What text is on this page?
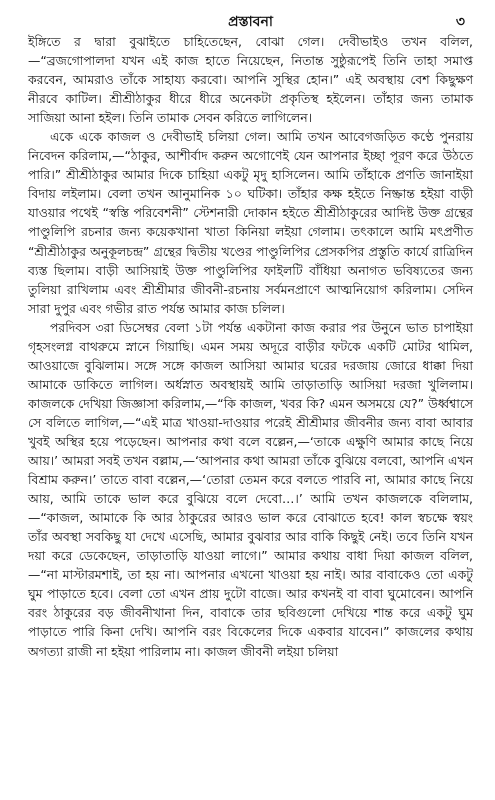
প্রস্তাবনা	৩

ইঙ্গিতে র দ্বারা বুঝাইতে চাহিতেছেন, বোঝা গেল। দেবীভাইও তখন বলিল,—“ব্রজগোপালদা যখন এই কাজ হাতে নিয়েছেন, নিতান্ত সুষ্ঠুরূপেই তিনি তাহা সমাপ্ত করবেন, আমরাও তাঁকে সাহায্য করবো। আপনি সুস্থির হোন।” এই অবস্থায় বেশ কিছুক্ষণ নীরবে কাটিল। শ্রীশ্রীঠাকুর ধীরে ধীরে অনেকটা প্রকৃতিস্থ হইলেন। তাঁহার জন্য তামাক সাজিয়া আনা হইল। তিনি তামাক সেবন করিতে লাগিলেন।

একে একে কাজল ও দেবীভাই চলিয়া গেল। আমি তখন আবেগজড়িত কণ্ঠে পুনরায় নিবেদন করিলাম,—“ঠাকুর, আশীর্বাদ করুন অগোণেই যেন আপনার ইচ্ছা পূরণ করে উঠতে পারি।” শ্রীশ্রীঠাকুর আমার দিকে চাহিয়া একটু মৃদু হাসিলেন। আমি তাঁহাকে প্রণতি জানাইয়া বিদায় লইলাম। বেলা তখন আনুমানিক ১০ ঘটিকা। তাঁহার কক্ষ হইতে নিষ্ক্রান্ত হইয়া বাড়ী যাওয়ার পথেই “স্বস্তি পরিবেশনী” স্টেশনারী দোকান হইতে শ্রীশ্রীঠাকুরের আদিষ্ট উক্ত গ্রন্থের পাণ্ডুলিপি রচনার জন্য কয়েকখানা খাতা কিনিয়া লইয়া গেলাম। তৎকালে আমি মৎপ্রণীত “শ্রীশ্রীঠাকুর অনুকূলচন্দ্র” গ্রন্থের দ্বিতীয় খণ্ডের পাণ্ডুলিপির প্রেসকপির প্রস্তুতি কার্যে রাত্রিদিন ব্যস্ত ছিলাম। বাড়ী আসিয়াই উক্ত পাণ্ডুলিপির ফাইলটি বাঁধিয়া অনাগত ভবিষ্যতের জন্য তুলিয়া রাখিলাম এবং শ্রীশ্রীমার জীবনী-রচনায় সর্বমনপ্রাণে আত্মনিয়োগ করিলাম। সেদিন সারা দুপুর এবং গভীর রাত পর্যন্ত আমার কাজ চলিল।

পরদিবস ৩রা ডিসেম্বর বেলা ১টা পর্যন্ত একটানা কাজ করার পর উনুনে ভাত চাপাইয়া গৃহসংলগ্ন বাথরুমে স্নানে গিয়াছি। এমন সময় অদূরে বাড়ীর ফটকে একটি মোটর থামিল, আওয়াজে বুঝিলাম। সঙ্গে সঙ্গে কাজল আসিয়া আমার ঘরের দরজায় জোরে ধাক্কা দিয়া আমাকে ডাকিতে লাগিল। অর্ধস্নাত অবস্থায়ই আমি তাড়াতাড়ি আসিয়া দরজা খুলিলাম। কাজলকে দেখিয়া জিজ্ঞাসা করিলাম,—“কি কাজল, খবর কি? এমন অসময়ে যে?” উর্ধ্বশ্বাসে সে বলিতে লাগিল,—“এই মাত্র খাওয়া-দাওয়ার পরেই শ্রীশ্রীমার জীবনীর জন্য বাবা আবার খুবই অস্থির হয়ে পড়েছেন। আপনার কথা বলে বল্লেন,—‘তাকে এক্ষুণি আমার কাছে নিয়ে আয়।’ আমরা সবই তখন বল্লাম,—‘আপনার কথা আমরা তাঁকে বুঝিয়ে বলবো, আপনি এখন বিশ্রাম করুন।’ তাতে বাবা বল্লেন,—‘তোরা তেমন করে বলতে পারবি না, আমার কাছে নিয়ে আয়, আমি তাকে ভাল করে বুঝিয়ে বলে দেবো…।’ আমি তখন কাজলকে বলিলাম,—“কাজল, আমাকে কি আর ঠাকুরের আরও ভাল করে বোঝাতে হবে! কাল স্বচক্ষে স্বয়ং তাঁর অবস্থা সবকিছু যা দেখে এসেছি, আমার বুঝবার আর বাকি কিছুই নেই। তবে তিনি যখন দয়া করে ডেকেছেন, তাড়াতাড়ি যাওয়া লাগে।” আমার কথায় বাধা দিয়া কাজল বলিল,—“না মাস্টারমশাই, তা হয় না। আপনার এখনো খাওয়া হয় নাই। আর বাবাকেও তো একটু ঘুম পাড়াতে হবে। বেলা তো এখন প্রায় দুটো বাজে। আর কখনই বা বাবা ঘুমোবেন। আপনি বরং ঠাকুরের বড় জীবনীখানা দিন, বাবাকে তার ছবিগুলো দেখিয়ে শান্ত করে একটু ঘুম পাড়াতে পারি কিনা দেখি। আপনি বরং বিকেলের দিকে একবার যাবেন।” কাজলের কথায় অগত্যা রাজী না হইয়া পারিলাম না। কাজল জীবনী লইয়া চলিয়া
